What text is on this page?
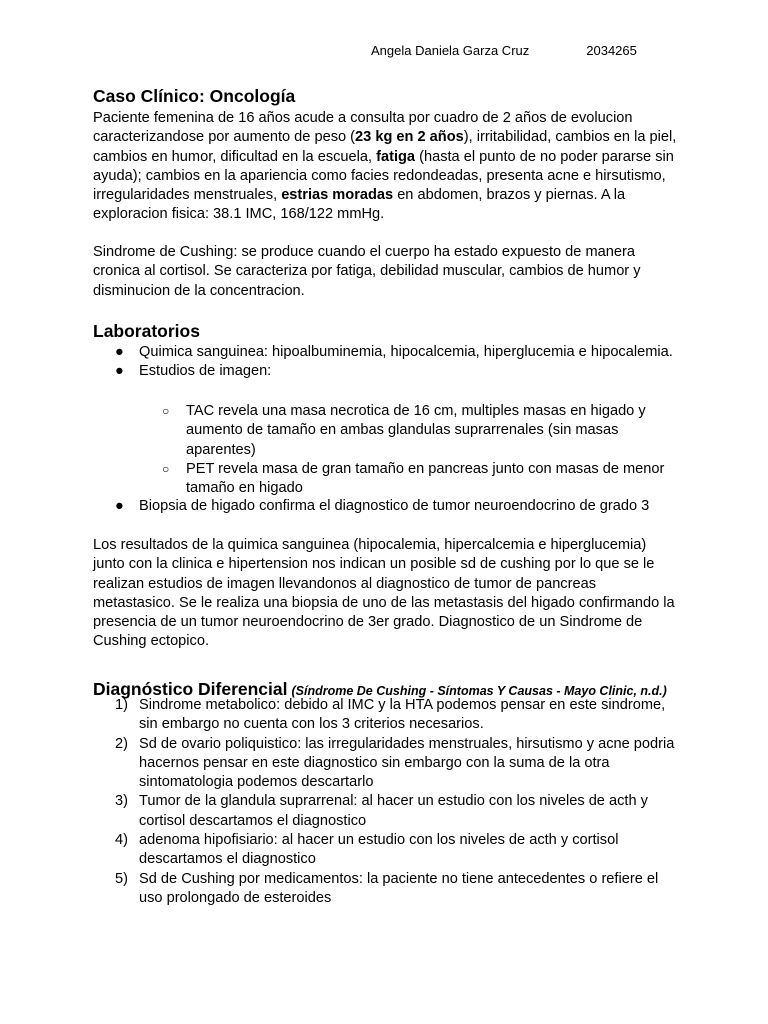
Angela Daniela Garza Cruz	2034265
Caso Clínico: Oncología

Paciente femenina de 16 años acude a consulta por cuadro de 2 años de evolucion caracterizandose por aumento de peso (23 kg en 2 años), irritabilidad, cambios en la piel, cambios en humor, dificultad en la escuela, fatiga (hasta el punto de no poder pararse sin ayuda); cambios en la apariencia como facies redondeadas, presenta acne e hirsutismo, irregularidades menstruales, estrias moradas en abdomen, brazos y piernas. A la exploracion fisica: 38.1 IMC, 168/122 mmHg.

Sindrome de Cushing: se produce cuando el cuerpo ha estado expuesto de manera cronica al cortisol. Se caracteriza por fatiga, debilidad muscular, cambios de humor y disminucion de la concentracion.

Laboratorios
● Quimica sanguinea: hipoalbuminemia, hipocalcemia, hiperglucemia e hipocalemia.
● Estudios de imagen:
○ TAC revela una masa necrotica de 16 cm, multiples masas en higado y aumento de tamaño en ambas glandulas suprarrenales (sin masas aparentes)
○ PET revela masa de gran tamaño en pancreas junto con masas de menor tamaño en higado
● Biopsia de higado confirma el diagnostico de tumor neuroendocrino de grado 3

Los resultados de la quimica sanguinea (hipocalemia, hipercalcemia e hiperglucemia) junto con la clinica e hipertension nos indican un posible sd de cushing por lo que se le realizan estudios de imagen llevandonos al diagnostico de tumor de pancreas metastasico. Se le realiza una biopsia de uno de las metastasis del higado confirmando la presencia de un tumor neuroendocrino de 3er grado. Diagnostico de un Sindrome de Cushing ectopico.

Diagnóstico Diferencial (Síndrome De Cushing - Síntomas Y Causas - Mayo Clinic, n.d.)
1) Sindrome metabolico: debido al IMC y la HTA podemos pensar en este sindrome, sin embargo no cuenta con los 3 criterios necesarios.
2) Sd de ovario poliquistico: las irregularidades menstruales, hirsutismo y acne podria hacernos pensar en este diagnostico sin embargo con la suma de la otra sintomatologia podemos descartarlo
3) Tumor de la glandula suprarrenal: al hacer un estudio con los niveles de acth y cortisol descartamos el diagnostico
4) adenoma hipofisiario: al hacer un estudio con los niveles de acth y cortisol descartamos el diagnostico
5) Sd de Cushing por medicamentos: la paciente no tiene antecedentes o refiere el uso prolongado de esteroides
